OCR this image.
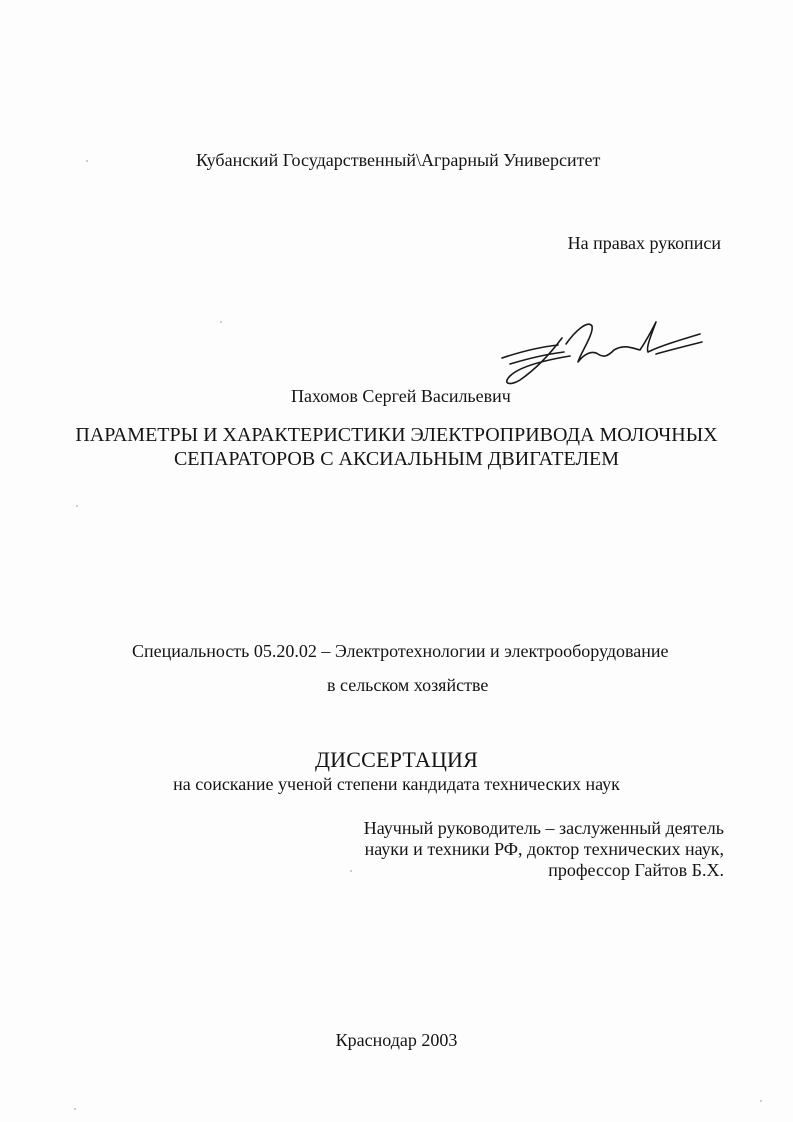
Кубанский Государственный\Аграрный Университет
На правах рукописи
Пахомов Сергей Васильевич
ПАРАМЕТРЫ И ХАРАКТЕРИСТИКИ ЭЛЕКТРОПРИВОДА МОЛОЧНЫХ
СЕПАРАТОРОВ С АКСИАЛЬНЫМ ДВИГАТЕЛЕМ
Специальность 05.20.02 – Электротехнологии и электрооборудование
в сельском хозяйстве
ДИССЕРТАЦИЯ
на соискание ученой степени кандидата технических наук
Научный руководитель – заслуженный деятель
науки и техники РФ, доктор технических наук,
профессор Гайтов Б.Х.
Краснодар 2003
